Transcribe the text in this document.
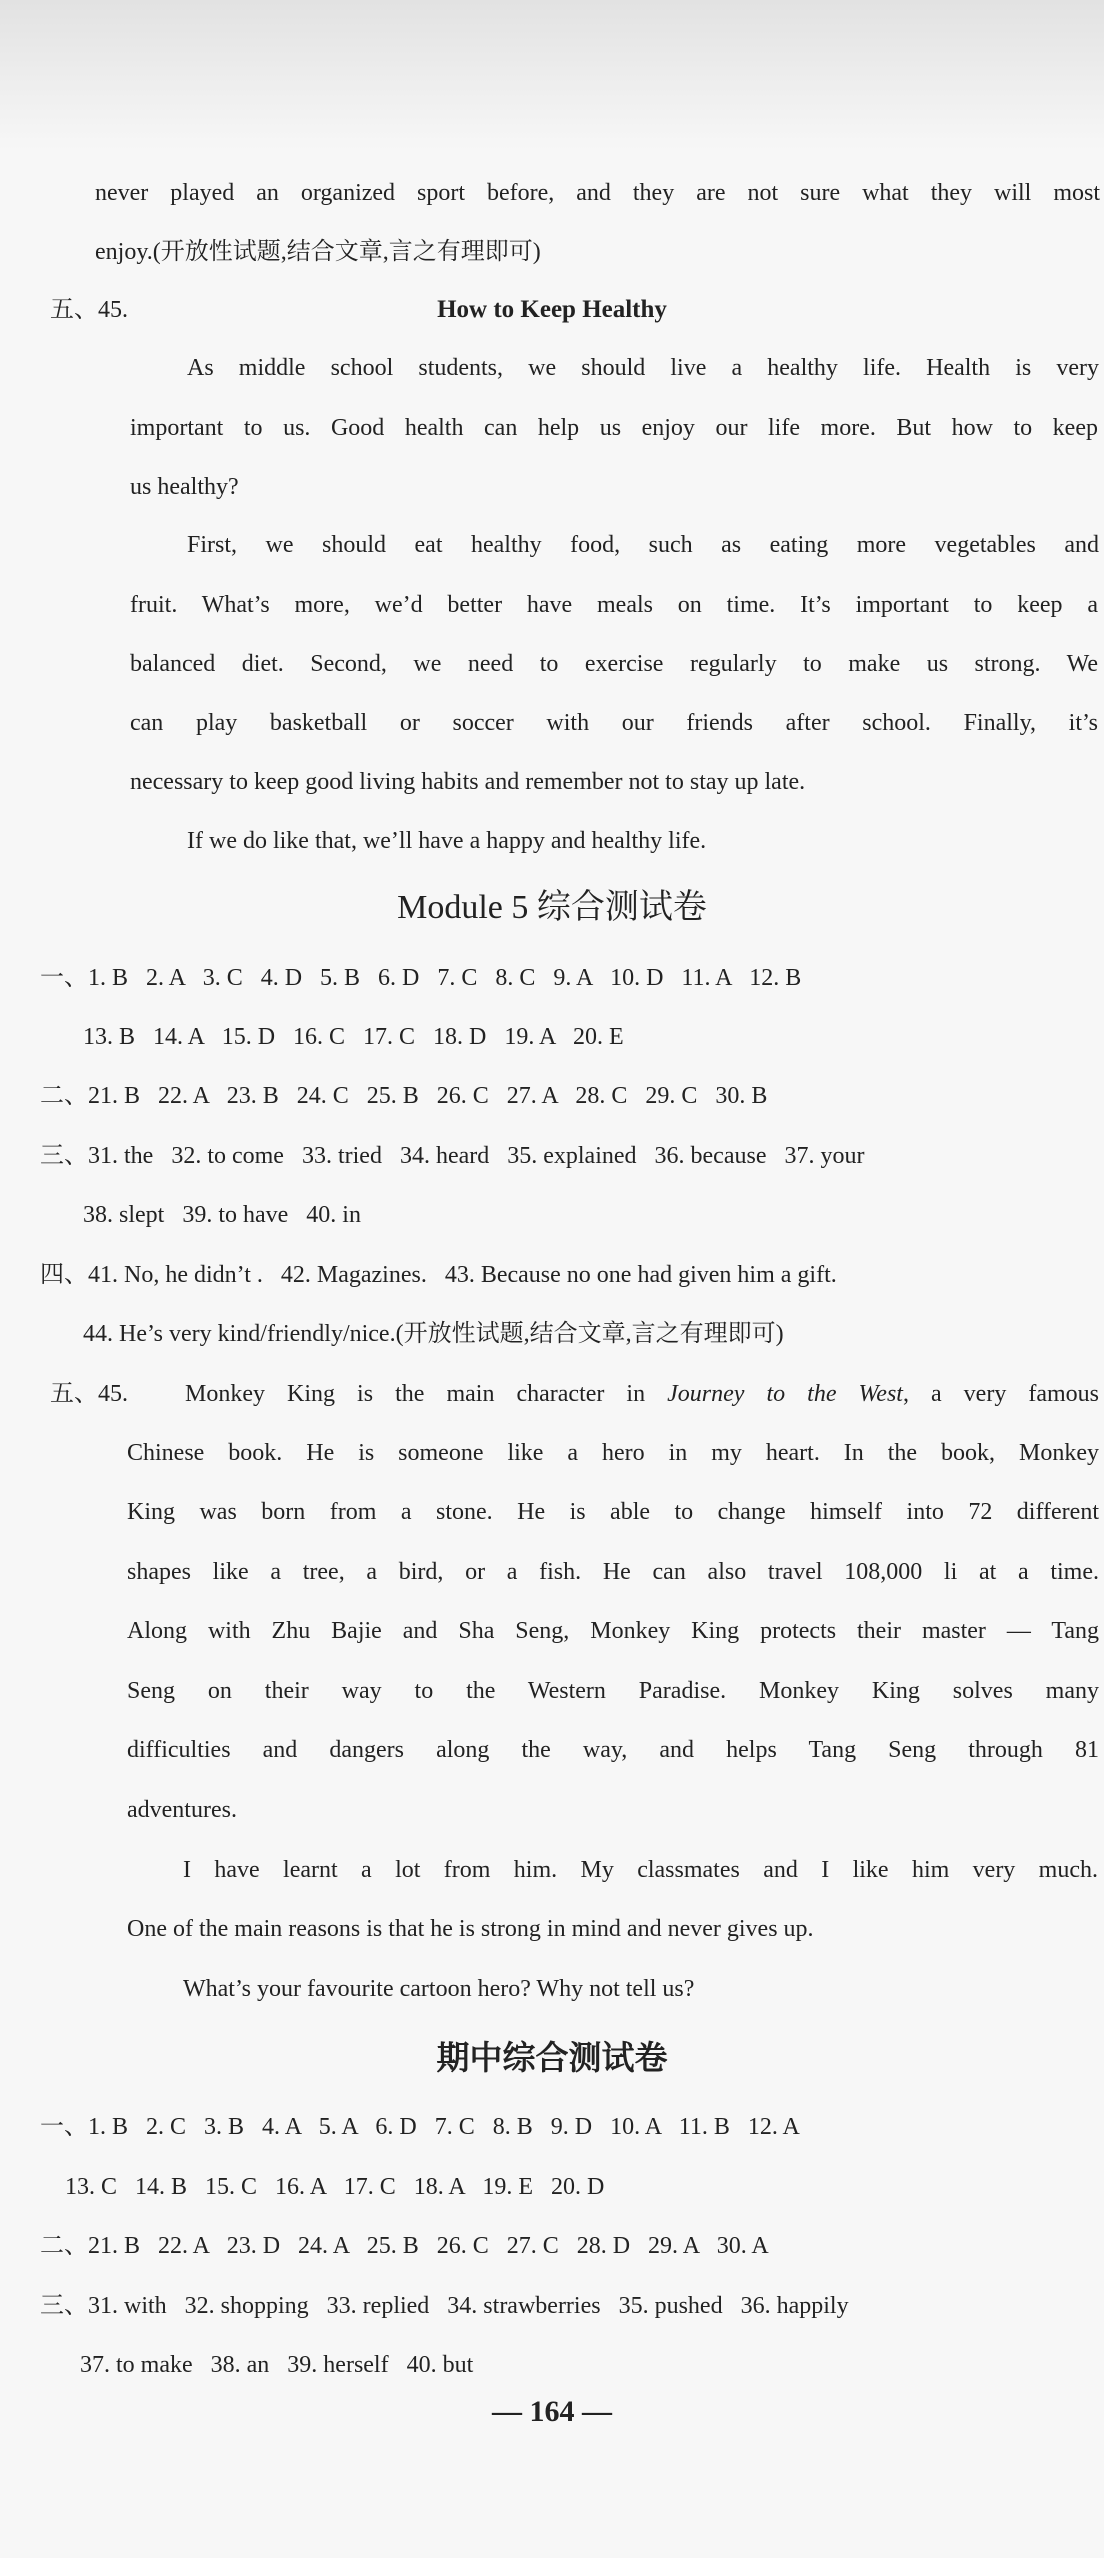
never played an organized sport before, and they are not sure what they will most
enjoy.(开放性试题,结合文章,言之有理即可)
五、45.	How to Keep Healthy
As middle school students, we should live a healthy life. Health is very
important to us. Good health can help us enjoy our life more. But how to keep
us healthy?
First, we should eat healthy food, such as eating more vegetables and
fruit. What’s more, we’d better have meals on time. It’s important to keep a
balanced diet. Second, we need to exercise regularly to make us strong. We
can play basketball or soccer with our friends after school. Finally, it’s
necessary to keep good living habits and remember not to stay up late.
If we do like that, we’ll have a happy and healthy life.
Module 5 综合测试卷
一、1. B   2. A   3. C   4. D   5. B   6. D   7. C   8. C   9. A   10. D   11. A   12. B
13. B   14. A   15. D   16. C   17. C   18. D   19. A   20. E
二、21. B   22. A   23. B   24. C   25. B   26. C   27. A   28. C   29. C   30. B
三、31. the   32. to come   33. tried   34. heard   35. explained   36. because   37. your
38. slept   39. to have   40. in
四、41. No, he didn’t .   42. Magazines.   43. Because no one had given him a gift.
44. He’s very kind/friendly/nice.(开放性试题,结合文章,言之有理即可)
五、45. Monkey King is the main character in Journey to the West, a very famous
Chinese book. He is someone like a hero in my heart. In the book, Monkey
King was born from a stone. He is able to change himself into 72 different
shapes like a tree, a bird, or a fish. He can also travel 108,000 li at a time.
Along with Zhu Bajie and Sha Seng, Monkey King protects their master — Tang
Seng on their way to the Western Paradise. Monkey King solves many
difficulties and dangers along the way, and helps Tang Seng through 81
adventures.
I have learnt a lot from him. My classmates and I like him very much.
One of the main reasons is that he is strong in mind and never gives up.
What’s your favourite cartoon hero? Why not tell us?
期中综合测试卷
一、1. B   2. C   3. B   4. A   5. A   6. D   7. C   8. B   9. D   10. A   11. B   12. A
13. C   14. B   15. C   16. A   17. C   18. A   19. E   20. D
二、21. B   22. A   23. D   24. A   25. B   26. C   27. C   28. D   29. A   30. A
三、31. with   32. shopping   33. replied   34. strawberries   35. pushed   36. happily
37. to make   38. an   39. herself   40. but
— 164 —
